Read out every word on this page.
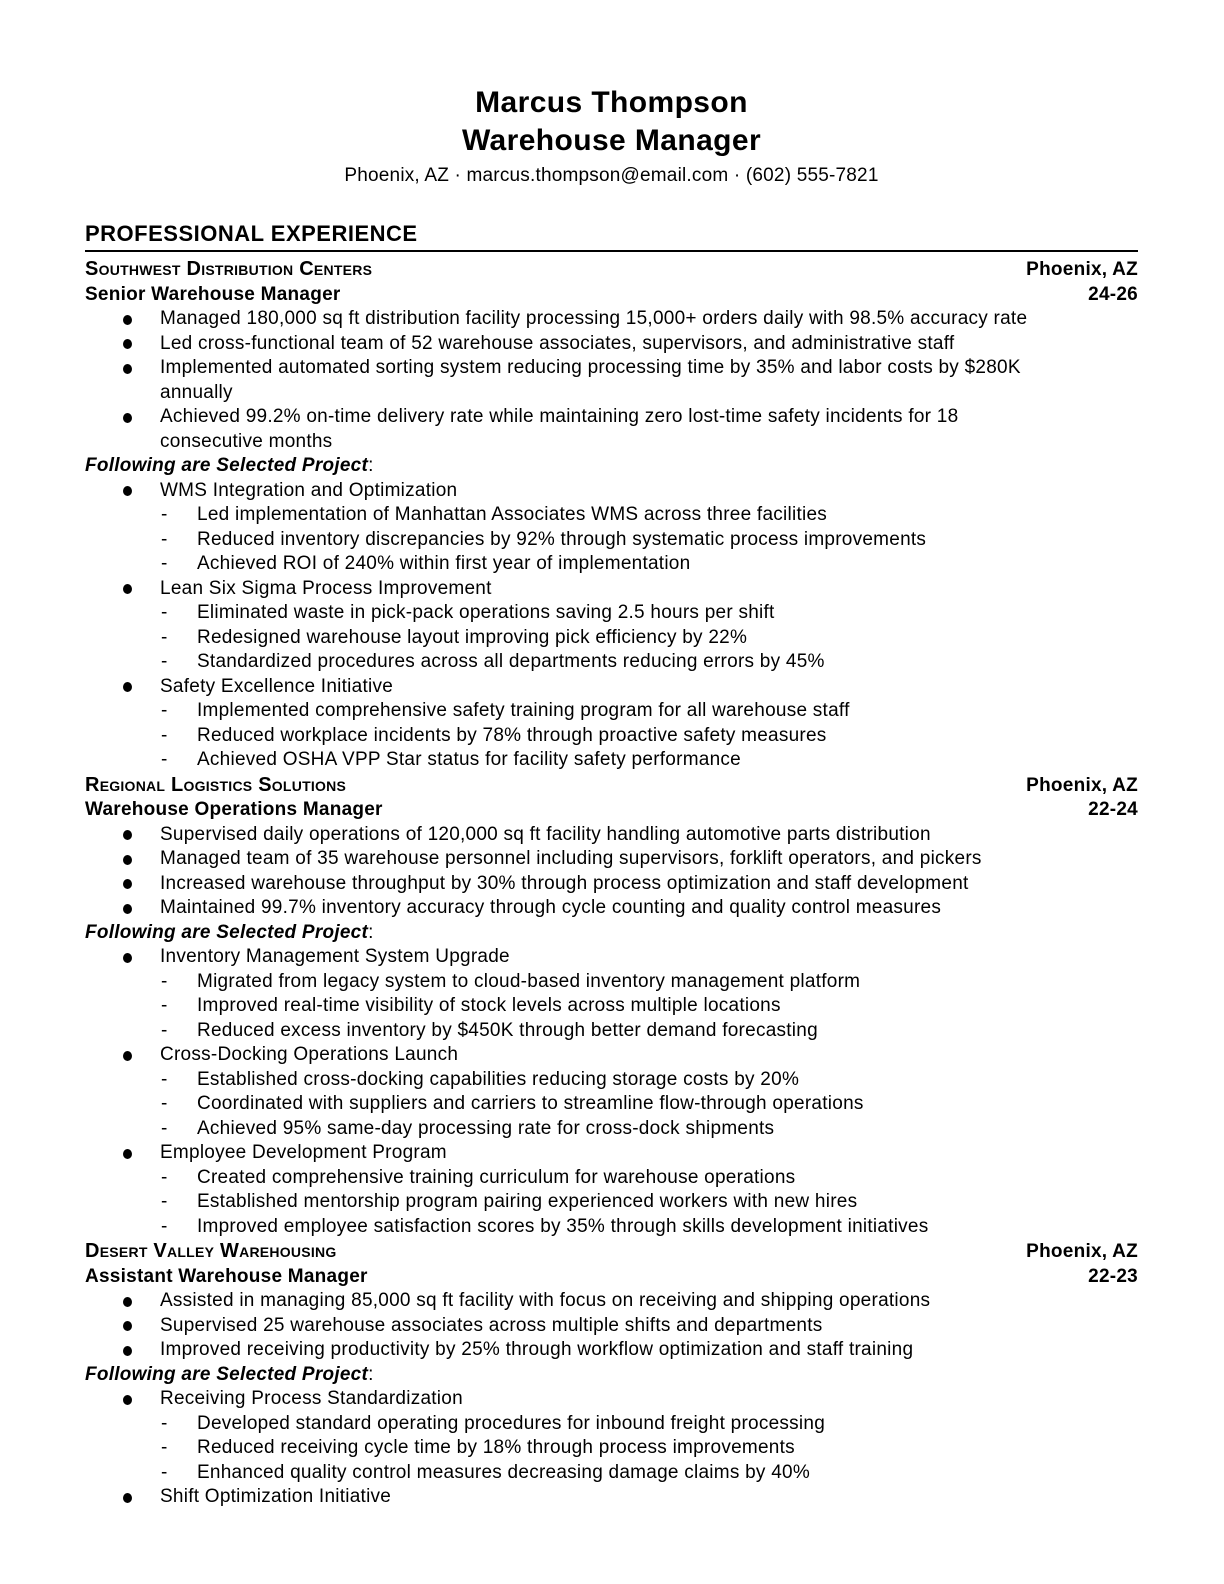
Marcus Thompson
Warehouse Manager

Phoenix, AZ · marcus.thompson@email.com · (602) 555-7821

PROFESSIONAL EXPERIENCE
Southwest Distribution Centers	Phoenix, AZ
Senior Warehouse Manager	24-26
Managed 180,000 sq ft distribution facility processing 15,000+ orders daily with 98.5% accuracy rate
Led cross-functional team of 52 warehouse associates, supervisors, and administrative staff
Implemented automated sorting system reducing processing time by 35% and labor costs by $280K annually
Achieved 99.2% on-time delivery rate while maintaining zero lost-time safety incidents for 18 consecutive months

Following are Selected Project:

WMS Integration and Optimization
- Led implementation of Manhattan Associates WMS across three facilities
- Reduced inventory discrepancies by 92% through systematic process improvements
- Achieved ROI of 240% within first year of implementation
Lean Six Sigma Process Improvement
- Eliminated waste in pick-pack operations saving 2.5 hours per shift
- Redesigned warehouse layout improving pick efficiency by 22%
- Standardized procedures across all departments reducing errors by 45%
Safety Excellence Initiative
- Implemented comprehensive safety training program for all warehouse staff
- Reduced workplace incidents by 78% through proactive safety measures
- Achieved OSHA VPP Star status for facility safety performance
Regional Logistics Solutions	Phoenix, AZ
Warehouse Operations Manager	22-24
Supervised daily operations of 120,000 sq ft facility handling automotive parts distribution
Managed team of 35 warehouse personnel including supervisors, forklift operators, and pickers
Increased warehouse throughput by 30% through process optimization and staff development
Maintained 99.7% inventory accuracy through cycle counting and quality control measures

Following are Selected Project:

Inventory Management System Upgrade
- Migrated from legacy system to cloud-based inventory management platform
- Improved real-time visibility of stock levels across multiple locations
- Reduced excess inventory by $450K through better demand forecasting
Cross-Docking Operations Launch
- Established cross-docking capabilities reducing storage costs by 20%
- Coordinated with suppliers and carriers to streamline flow-through operations
- Achieved 95% same-day processing rate for cross-dock shipments
Employee Development Program
- Created comprehensive training curriculum for warehouse operations
- Established mentorship program pairing experienced workers with new hires
- Improved employee satisfaction scores by 35% through skills development initiatives
Desert Valley Warehousing	Phoenix, AZ
Assistant Warehouse Manager	22-23
Assisted in managing 85,000 sq ft facility with focus on receiving and shipping operations
Supervised 25 warehouse associates across multiple shifts and departments
Improved receiving productivity by 25% through workflow optimization and staff training

Following are Selected Project:

Receiving Process Standardization
- Developed standard operating procedures for inbound freight processing
- Reduced receiving cycle time by 18% through process improvements
- Enhanced quality control measures decreasing damage claims by 40%
Shift Optimization Initiative
